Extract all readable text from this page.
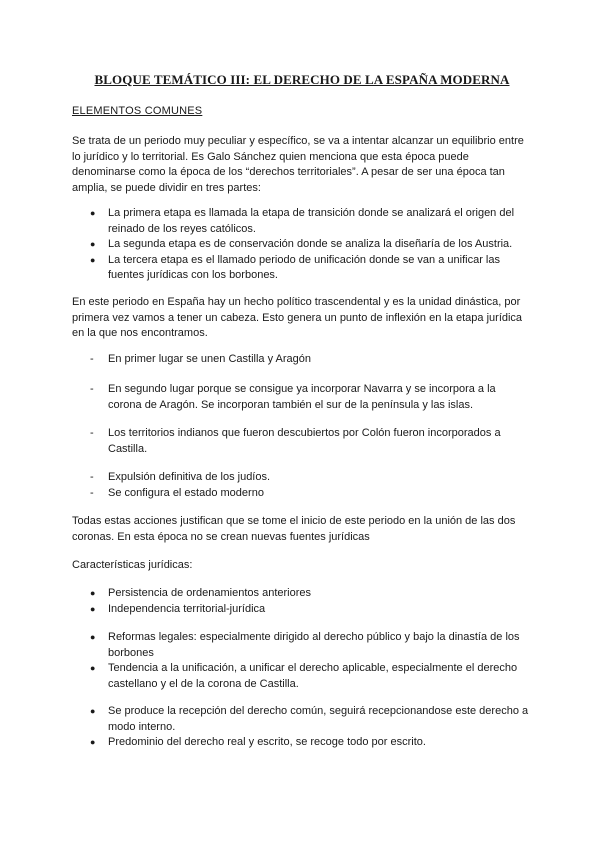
BLOQUE TEMÁTICO III: EL DERECHO DE LA ESPAÑA MODERNA

ELEMENTOS COMUNES

Se trata de un periodo muy peculiar y específico, se va a intentar alcanzar un equilibrio entre lo jurídico y lo territorial. Es Galo Sánchez quien menciona que esta época puede denominarse como la época de los “derechos territoriales”. A pesar de ser una época tan amplia, se puede dividir en tres partes:

●	La primera etapa es llamada la etapa de transición donde se analizará el origen del reinado de los reyes católicos.
●	La segunda etapa es de conservación donde se analiza la diseñaría de los Austria.
●	La tercera etapa es el llamado periodo de unificación donde se van a unificar las fuentes jurídicas con los borbones.

En este periodo en España hay un hecho político trascendental y es la unidad dinástica, por primera vez vamos a tener un cabeza. Esto genera un punto de inflexión en la etapa jurídica en la que nos encontramos.

-	En primer lugar se unen Castilla y Aragón
-	En segundo lugar porque se consigue ya incorporar Navarra y se incorpora a la corona de Aragón. Se incorporan también el sur de la península y las islas.
-	Los territorios indianos que fueron descubiertos por Colón fueron incorporados a Castilla.
-	Expulsión definitiva de los judíos.
-	Se configura el estado moderno

Todas estas acciones justifican que se tome el inicio de este periodo en la unión de las dos coronas. En esta época no se crean nuevas fuentes jurídicas

Características jurídicas:

●	Persistencia de ordenamientos anteriores
●	Independencia territorial-jurídica
●	Reformas legales: especialmente dirigido al derecho público y bajo la dinastía de los borbones
●	Tendencia a la unificación, a unificar el derecho aplicable, especialmente el derecho castellano y el de la corona de Castilla.
●	Se produce la recepción del derecho común, seguirá recepcionandose este derecho a modo interno.
●	Predominio del derecho real y escrito, se recoge todo por escrito.
